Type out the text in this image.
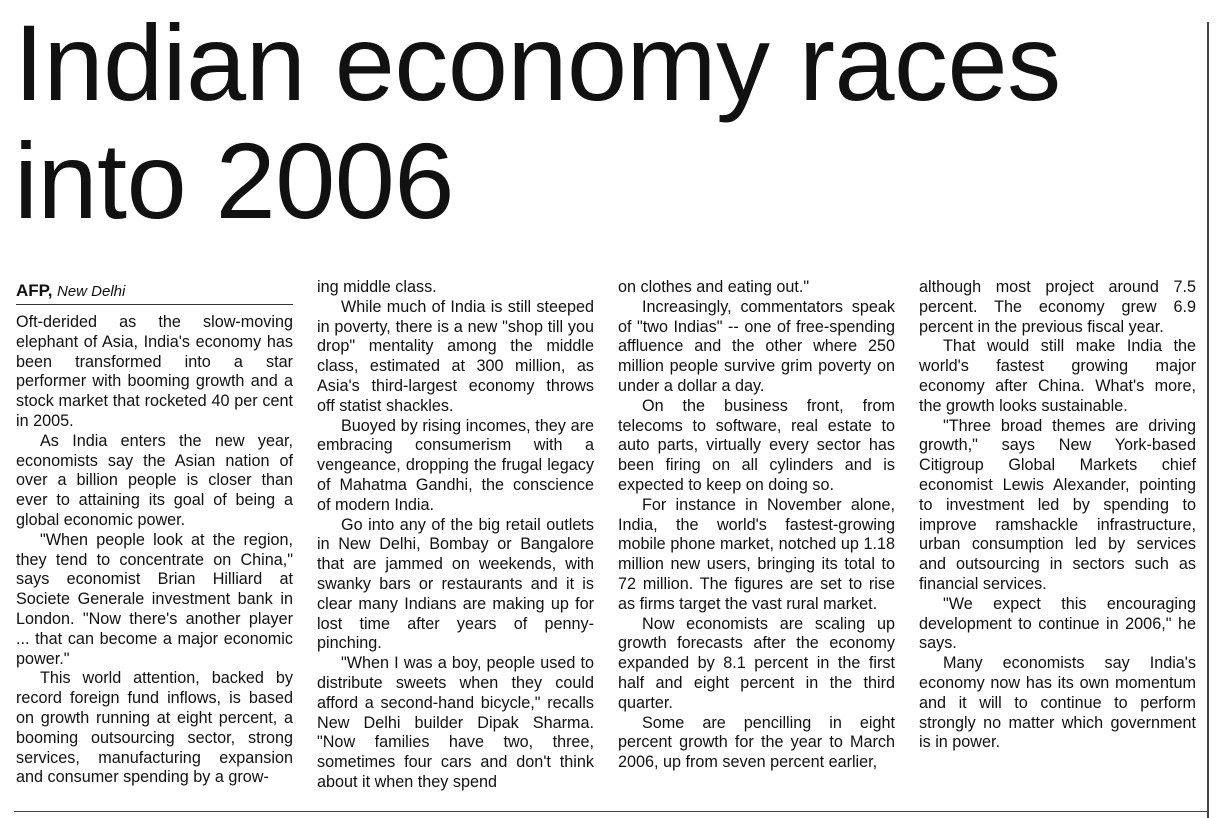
Indian economy races into 2006
AFP, New Delhi

Oft-derided as the slow-moving elephant of Asia, India's economy has been transformed into a star performer with booming growth and a stock market that rocketed 40 per cent in 2005.

As India enters the new year, economists say the Asian nation of over a billion people is closer than ever to attaining its goal of being a global economic power.

"When people look at the region, they tend to concentrate on China," says economist Brian Hilliard at Societe Generale investment bank in London. "Now there's another player ... that can become a major economic power."

This world attention, backed by record foreign fund inflows, is based on growth running at eight percent, a booming outsourcing sector, strong services, manufacturing expansion and consumer spending by a grow-

ing middle class.

While much of India is still steeped in poverty, there is a new "shop till you drop" mentality among the middle class, estimated at 300 million, as Asia's third-largest economy throws off statist shackles.

Buoyed by rising incomes, they are embracing consumerism with a vengeance, dropping the frugal legacy of Mahatma Gandhi, the conscience of modern India.

Go into any of the big retail outlets in New Delhi, Bombay or Bangalore that are jammed on weekends, with swanky bars or restaurants and it is clear many Indians are making up for lost time after years of penny-pinching.

"When I was a boy, people used to distribute sweets when they could afford a second-hand bicycle," recalls New Delhi builder Dipak Sharma. "Now families have two, three, sometimes four cars and don't think about it when they spend

on clothes and eating out."

Increasingly, commentators speak of "two Indias" -- one of free-spending affluence and the other where 250 million people survive grim poverty on under a dollar a day.

On the business front, from telecoms to software, real estate to auto parts, virtually every sector has been firing on all cylinders and is expected to keep on doing so.

For instance in November alone, India, the world's fastest-growing mobile phone market, notched up 1.18 million new users, bringing its total to 72 million. The figures are set to rise as firms target the vast rural market.

Now economists are scaling up growth forecasts after the economy expanded by 8.1 percent in the first half and eight percent in the third quarter.

Some are pencilling in eight percent growth for the year to March 2006, up from seven percent earlier,

although most project around 7.5 percent. The economy grew 6.9 percent in the previous fiscal year.

That would still make India the world's fastest growing major economy after China. What's more, the growth looks sustainable.

"Three broad themes are driving growth," says New York-based Citigroup Global Markets chief economist Lewis Alexander, pointing to investment led by spending to improve ramshackle infrastructure, urban consumption led by services and outsourcing in sectors such as financial services.

"We expect this encouraging development to continue in 2006," he says.

Many economists say India's economy now has its own momentum and it will to continue to perform strongly no matter which government is in power.
